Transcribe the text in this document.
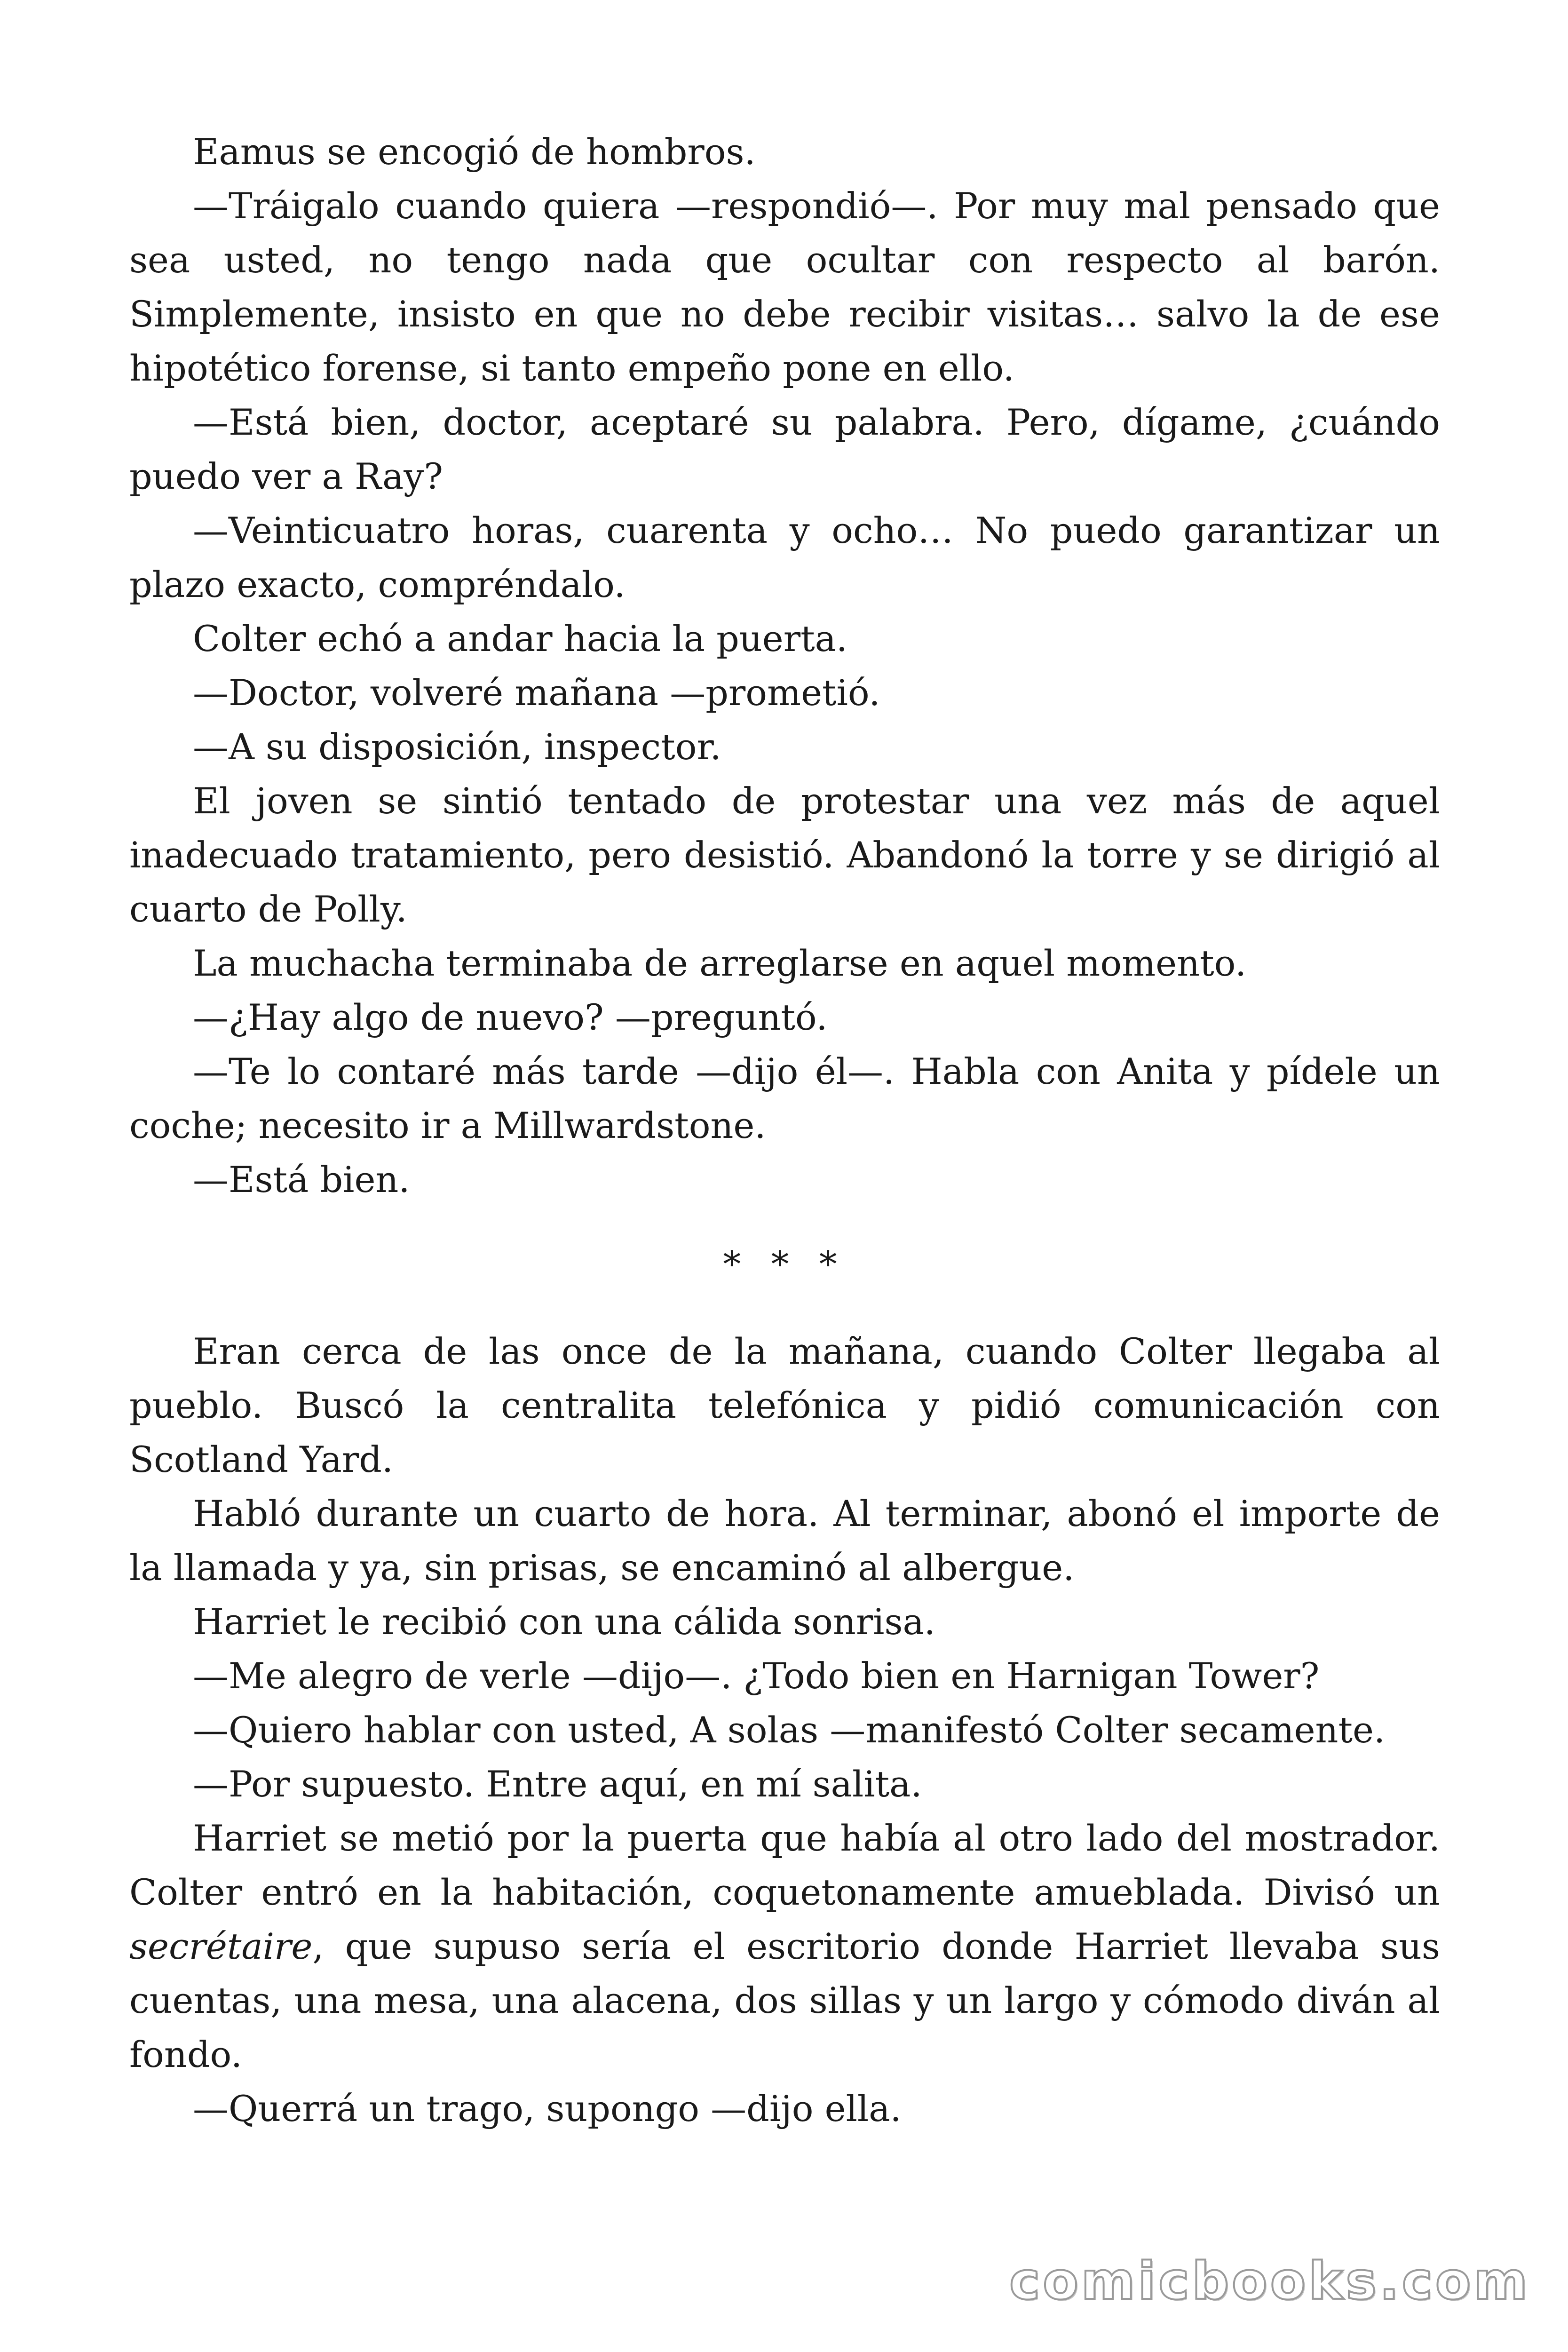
Eamus se encogió de hombros.

—Tráigalo cuando quiera —respondió—. Por muy mal pensado que sea usted, no tengo nada que ocultar con respecto al barón. Simplemente, insisto en que no debe recibir visitas… salvo la de ese hipotético forense, si tanto empeño pone en ello.

—Está bien, doctor, aceptaré su palabra. Pero, dígame, ¿cuándo puedo ver a Ray?

—Veinticuatro horas, cuarenta y ocho… No puedo garantizar un plazo exacto, compréndalo.

Colter echó a andar hacia la puerta.

—Doctor, volveré mañana —prometió.

—A su disposición, inspector.

El joven se sintió tentado de protestar una vez más de aquel inadecuado tratamiento, pero desistió. Abandonó la torre y se dirigió al cuarto de Polly.

La muchacha terminaba de arreglarse en aquel momento.

—¿Hay algo de nuevo? —preguntó.

—Te lo contaré más tarde —dijo él—. Habla con Anita y pídele un coche; necesito ir a Millwardstone.

—Está bien.

* * *

Eran cerca de las once de la mañana, cuando Colter llegaba al pueblo. Buscó la centralita telefónica y pidió comunicación con Scotland Yard.

Habló durante un cuarto de hora. Al terminar, abonó el importe de la llamada y ya, sin prisas, se encaminó al albergue.

Harriet le recibió con una cálida sonrisa.

—Me alegro de verle —dijo—. ¿Todo bien en Harnigan Tower?

—Quiero hablar con usted, A solas —manifestó Colter secamente.

—Por supuesto. Entre aquí, en mí salita.

Harriet se metió por la puerta que había al otro lado del mostrador. Colter entró en la habitación, coquetonamente amueblada. Divisó un secrétaire, que supuso sería el escritorio donde Harriet llevaba sus cuentas, una mesa, una alacena, dos sillas y un largo y cómodo diván al fondo.

—Querrá un trago, supongo —dijo ella.

comicbooks.com
